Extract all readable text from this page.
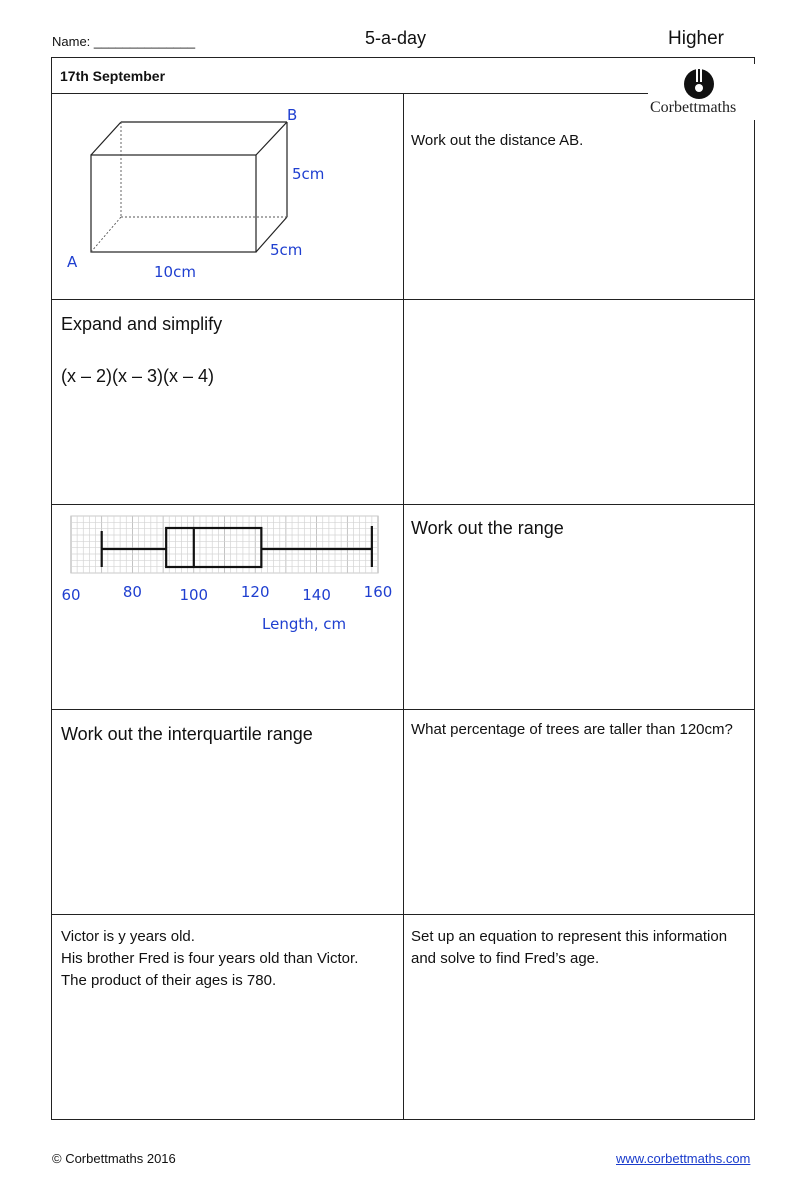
Name: ______________	5-a-day	Higher
17th September
Corbettmaths
B
A
5cm
5cm
10cm
Work out the distance AB.
Expand and simplify
(x – 2)(x – 3)(x – 4)
60	80	100 120 140 160
Length, cm
Work out the range
Work out the interquartile range	What percentage of trees are taller than 120cm?
Victor is y years old.
His brother Fred is four years old than Victor.
The product of their ages is 780.
Set up an equation to represent this information and solve to find Fred’s age.
© Corbettmaths 2016	www.corbettmaths.com
